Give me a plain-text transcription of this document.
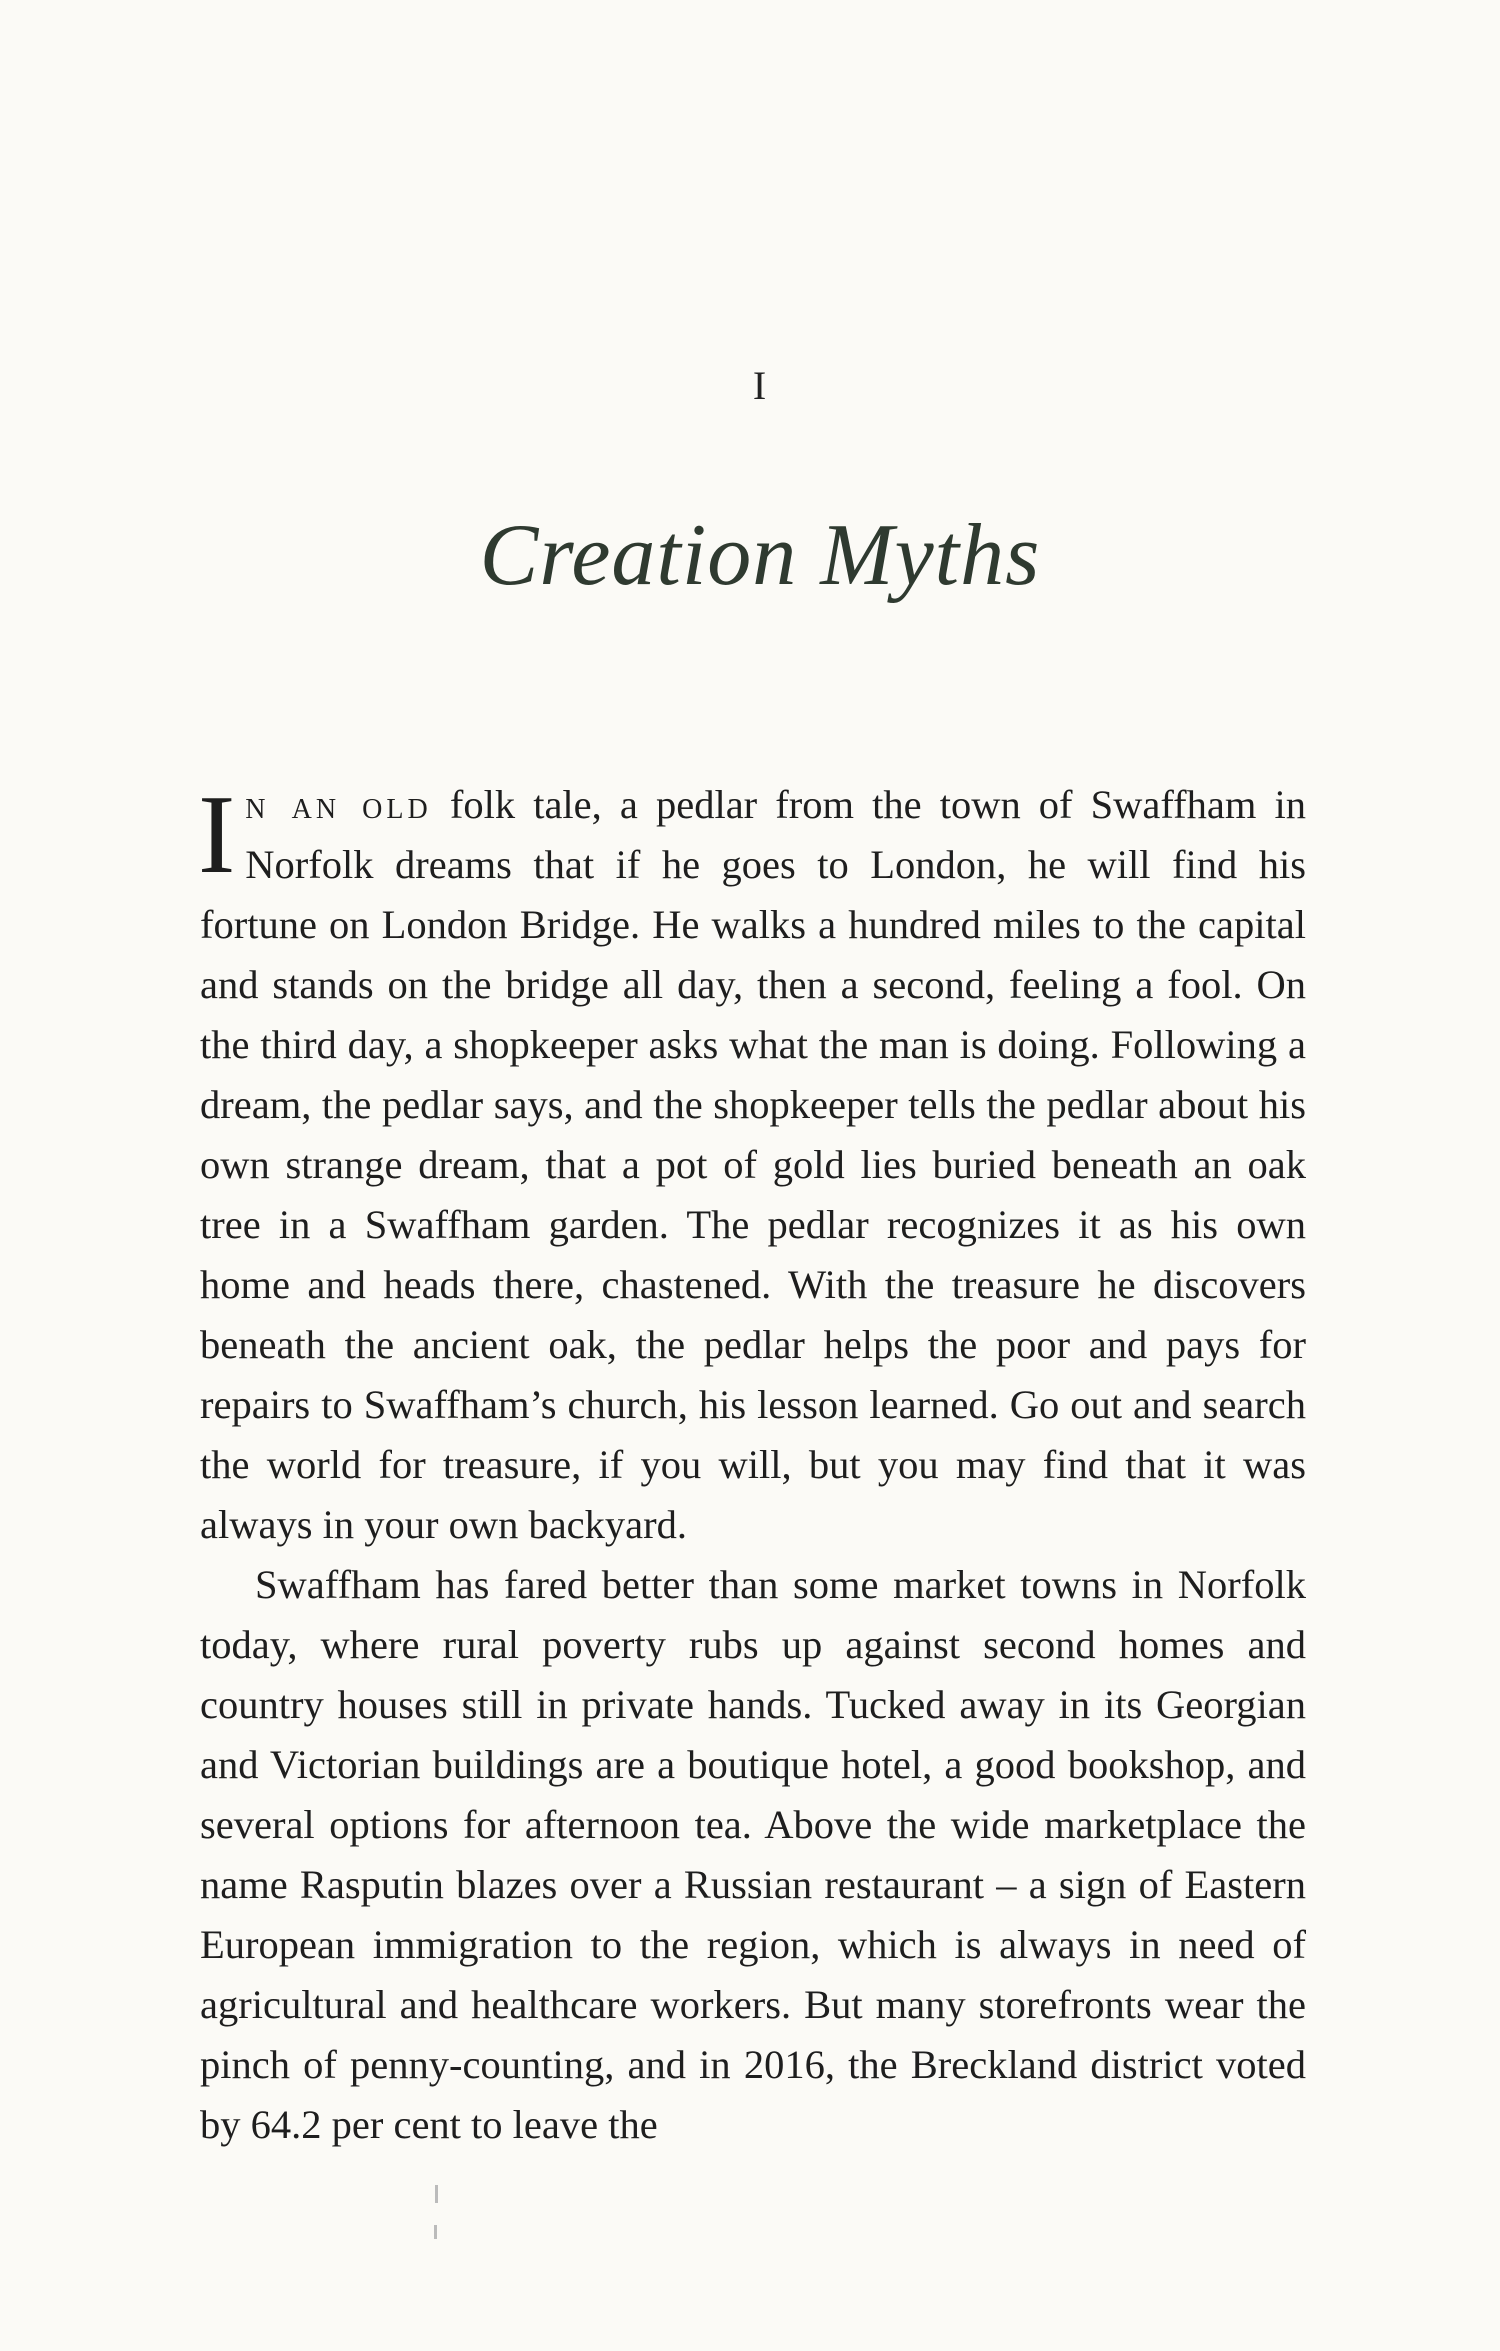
I
Creation Myths

In an old folk tale, a pedlar from the town of Swaffham in Norfolk dreams that if he goes to London, he will find his fortune on London Bridge. He walks a hundred miles to the capital and stands on the bridge all day, then a second, feeling a fool. On the third day, a shopkeeper asks what the man is doing. Following a dream, the pedlar says, and the shopkeeper tells the pedlar about his own strange dream, that a pot of gold lies buried beneath an oak tree in a Swaffham garden. The pedlar recognizes it as his own home and heads there, chastened. With the treasure he discovers beneath the ancient oak, the pedlar helps the poor and pays for repairs to Swaffham’s church, his lesson learned. Go out and search the world for treasure, if you will, but you may find that it was always in your own backyard.

Swaffham has fared better than some market towns in Norfolk today, where rural poverty rubs up against second homes and country houses still in private hands. Tucked away in its Georgian and Victorian buildings are a boutique hotel, a good bookshop, and several options for afternoon tea. Above the wide marketplace the name Rasputin blazes over a Russian restaurant – a sign of Eastern European immigration to the region, which is always in need of agricultural and healthcare workers. But many storefronts wear the pinch of penny-counting, and in 2016, the Breckland district voted by 64.2 per cent to leave the
